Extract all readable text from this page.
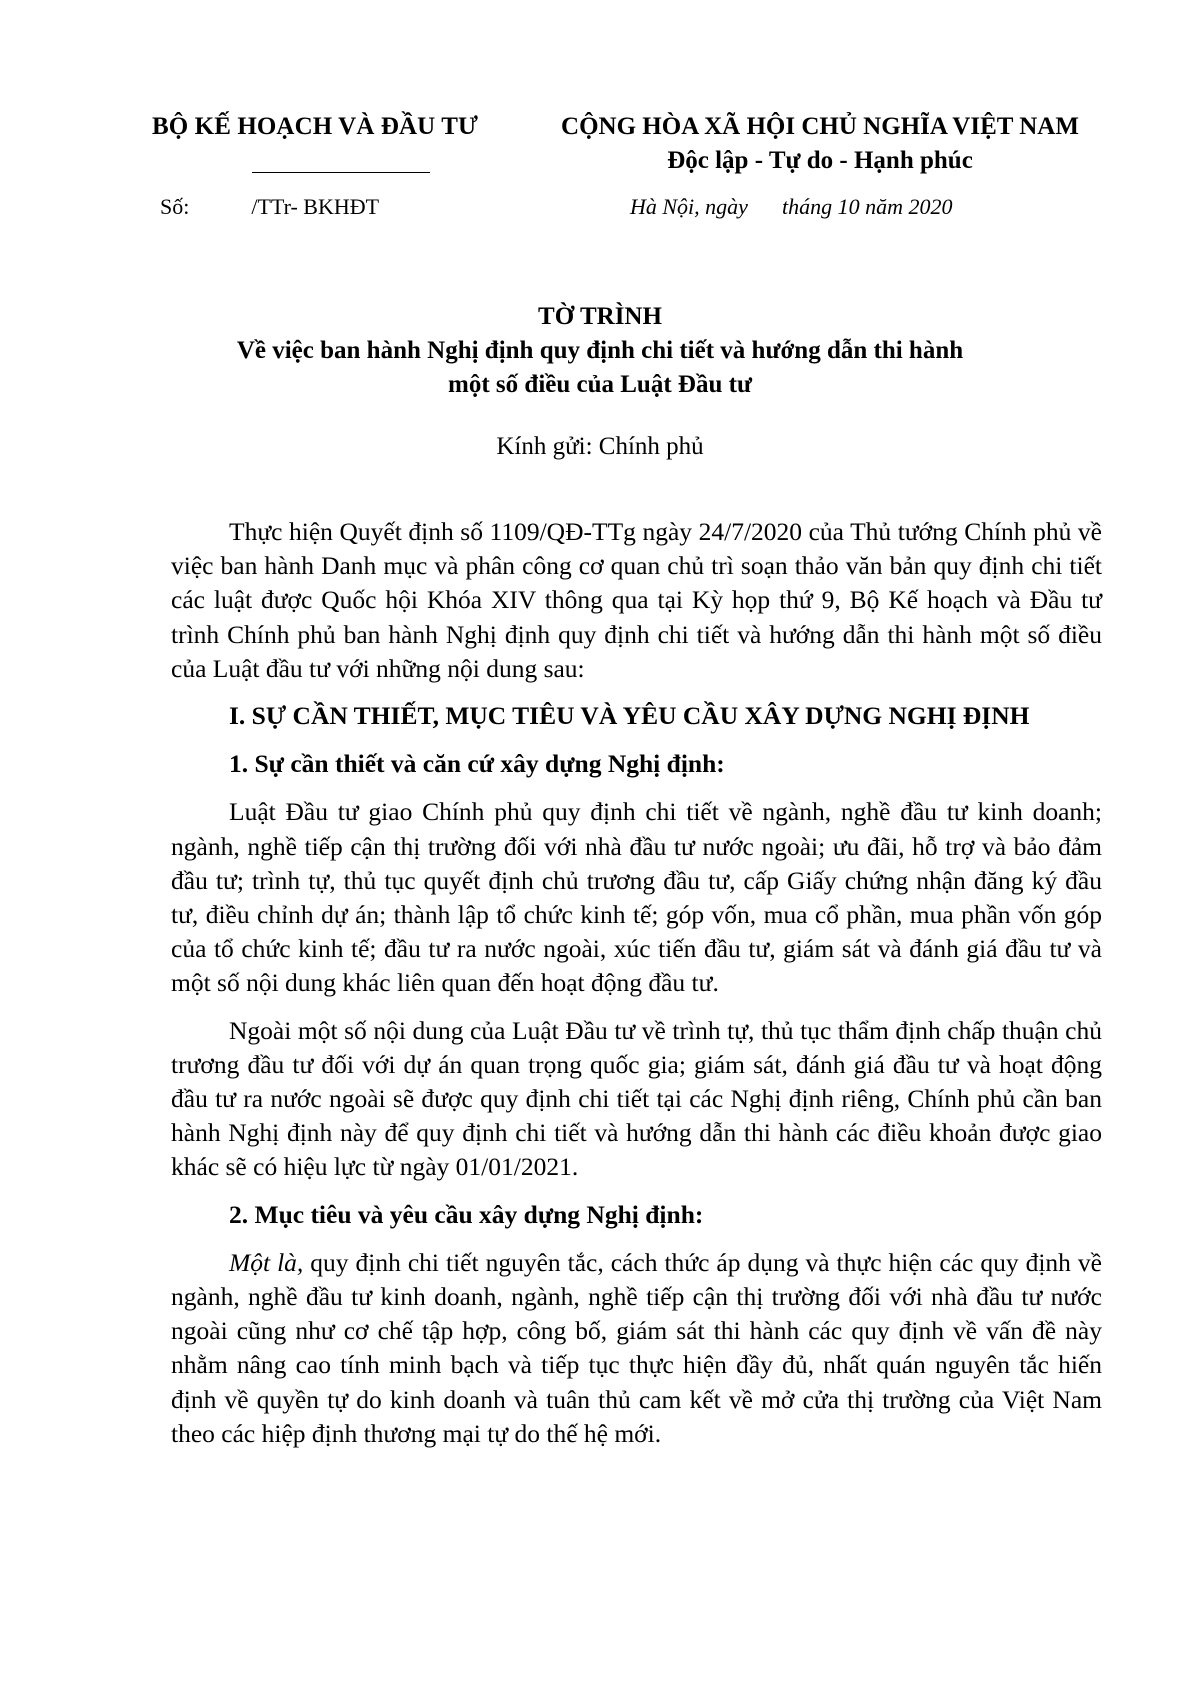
BỘ KẾ HOẠCH VÀ ĐẦU TƯ	CỘNG HÒA XÃ HỘI CHỦ NGHĨA VIỆT NAM
Độc lập - Tự do - Hạnh phúc
Số:	/TTr- BKHĐT	Hà Nội, ngày tháng 10 năm 2020
TỜ TRÌNH
Về việc ban hành Nghị định quy định chi tiết và hướng dẫn thi hành
một số điều của Luật Đầu tư
Kính gửi: Chính phủ

Thực hiện Quyết định số 1109/QĐ-TTg ngày 24/7/2020 của Thủ tướng Chính phủ về việc ban hành Danh mục và phân công cơ quan chủ trì soạn thảo văn bản quy định chi tiết các luật được Quốc hội Khóa XIV thông qua tại Kỳ họp thứ 9, Bộ Kế hoạch và Đầu tư trình Chính phủ ban hành Nghị định quy định chi tiết và hướng dẫn thi hành một số điều của Luật đầu tư với những nội dung sau:

I. SỰ CẦN THIẾT, MỤC TIÊU VÀ YÊU CẦU XÂY DỰNG NGHỊ ĐỊNH

1. Sự cần thiết và căn cứ xây dựng Nghị định:

Luật Đầu tư giao Chính phủ quy định chi tiết về ngành, nghề đầu tư kinh doanh; ngành, nghề tiếp cận thị trường đối với nhà đầu tư nước ngoài; ưu đãi, hỗ trợ và bảo đảm đầu tư; trình tự, thủ tục quyết định chủ trương đầu tư, cấp Giấy chứng nhận đăng ký đầu tư, điều chỉnh dự án; thành lập tổ chức kinh tế; góp vốn, mua cổ phần, mua phần vốn góp của tổ chức kinh tế; đầu tư ra nước ngoài, xúc tiến đầu tư, giám sát và đánh giá đầu tư và một số nội dung khác liên quan đến hoạt động đầu tư.

Ngoài một số nội dung của Luật Đầu tư về trình tự, thủ tục thẩm định chấp thuận chủ trương đầu tư đối với dự án quan trọng quốc gia; giám sát, đánh giá đầu tư và hoạt động đầu tư ra nước ngoài sẽ được quy định chi tiết tại các Nghị định riêng, Chính phủ cần ban hành Nghị định này để quy định chi tiết và hướng dẫn thi hành các điều khoản được giao khác sẽ có hiệu lực từ ngày 01/01/2021.

2. Mục tiêu và yêu cầu xây dựng Nghị định:

Một là, quy định chi tiết nguyên tắc, cách thức áp dụng và thực hiện các quy định về ngành, nghề đầu tư kinh doanh, ngành, nghề tiếp cận thị trường đối với nhà đầu tư nước ngoài cũng như cơ chế tập hợp, công bố, giám sát thi hành các quy định về vấn đề này nhằm nâng cao tính minh bạch và tiếp tục thực hiện đầy đủ, nhất quán nguyên tắc hiến định về quyền tự do kinh doanh và tuân thủ cam kết về mở cửa thị trường của Việt Nam theo các hiệp định thương mại tự do thế hệ mới.
